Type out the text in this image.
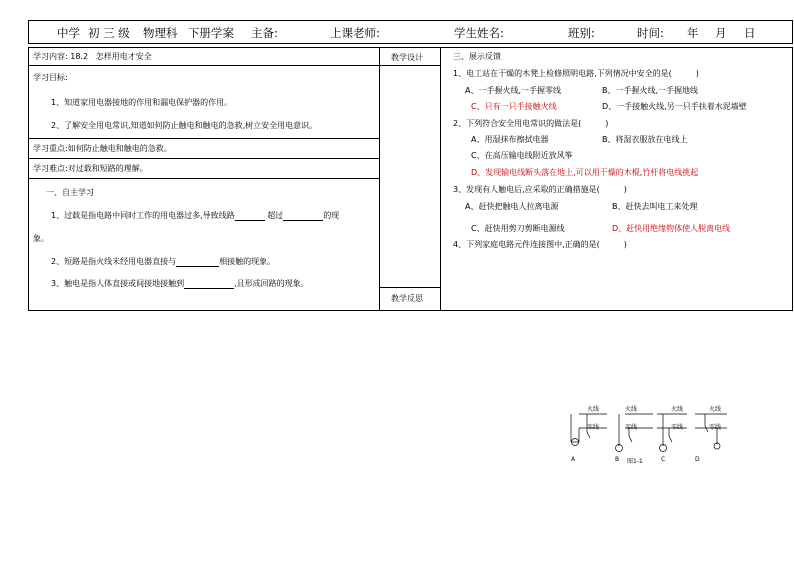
中学 初 三 级 物理科 下册学案 主备:	上课老师:	学生姓名:	班别:	时间: 年 月 日
学习内容: 18.2 怎样用电才安全
学习目标:
1、知道家用电器接地的作用和漏电保护器的作用。
2、了解安全用电常识,知道如何防止触电和触电的急救,树立安全用电意识。
学习重点:如何防止触电和触电的急救。
学习难点:对过载和短路的理解。
一、自主学习
1、过载是指电路中同时工作的用电器过多,导致线路	超过	的现
象。
2、短路是指火线未经用电器直接与	相接触的现象。
3、触电是指人体直接或间接地接触到	,且形成回路的现象。
教学设计
教学反思
三、展示反馈
1、电工站在干燥的木凳上检修照明电路,下列情况中安全的是(　　　)
A、一手握火线,一手握零线	B、一手握火线,一手握地线
C、只有一只手接触火线	D、一手接触火线,另一只手扶着水泥墙壁
2、下列符合安全用电常识的做法是(　　　)
A、用湿抹布擦拭电器	B、将湿衣服放在电线上
C、在高压输电线附近放风筝
D、发现输电线断头落在地上,可以用干燥的木棍,竹杆将电线挑起
3、发现有人触电后,应采取的正确措施是(　　　)
A、赶快把触电人拉离电源	B、赶快去叫电工来处理
C、赶快用剪刀剪断电源线	D、赶快用绝缘物体使人脱离电线
4、下列家庭电路元件连接图中,正确的是(　　　)
火线
零线
火线
零线
火线
零线
火线
零线
A	B 图1-1	C	D
